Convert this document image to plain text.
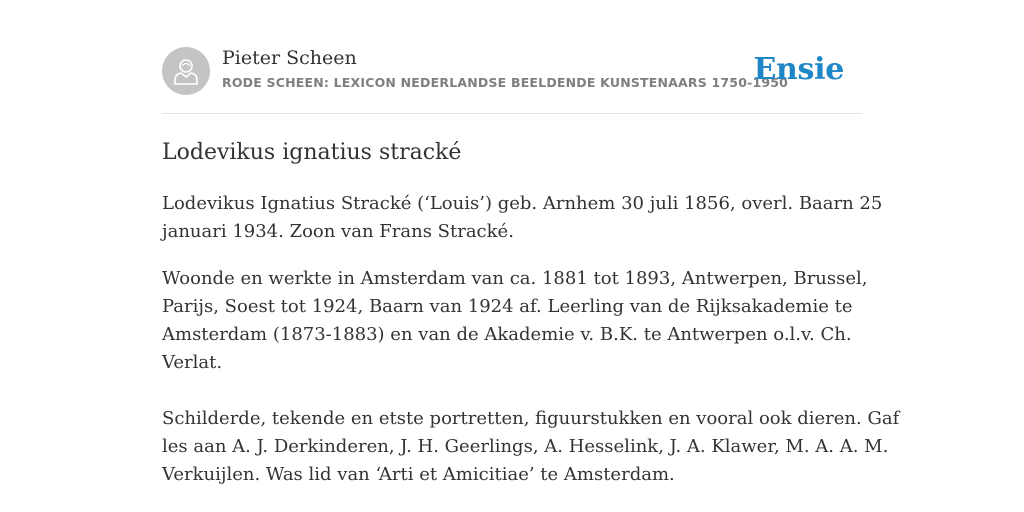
Pieter Scheen
RODE SCHEEN: LEXICON NEDERLANDSE BEELDENDE KUNSTENAARS 1750-1950
Ensie
Lodevikus ignatius stracké

Lodevikus Ignatius Stracké (‘Louis’) geb. Arnhem 30 juli 1856, overl. Baarn 25
januari 1934. Zoon van Frans Stracké.

Woonde en werkte in Amsterdam van ca. 1881 tot 1893, Antwerpen, Brussel,
Parijs, Soest tot 1924, Baarn van 1924 af. Leerling van de Rijksakademie te
Amsterdam (1873-1883) en van de Akademie v. B.K. te Antwerpen o.l.v. Ch.
Verlat.

Schilderde, tekende en etste portretten, figuurstukken en vooral ook dieren. Gaf
les aan A. J. Derkinderen, J. H. Geerlings, A. Hesselink, J. A. Klawer, M. A. A. M.
Verkuijlen. Was lid van ‘Arti et Amicitiae’ te Amsterdam.
